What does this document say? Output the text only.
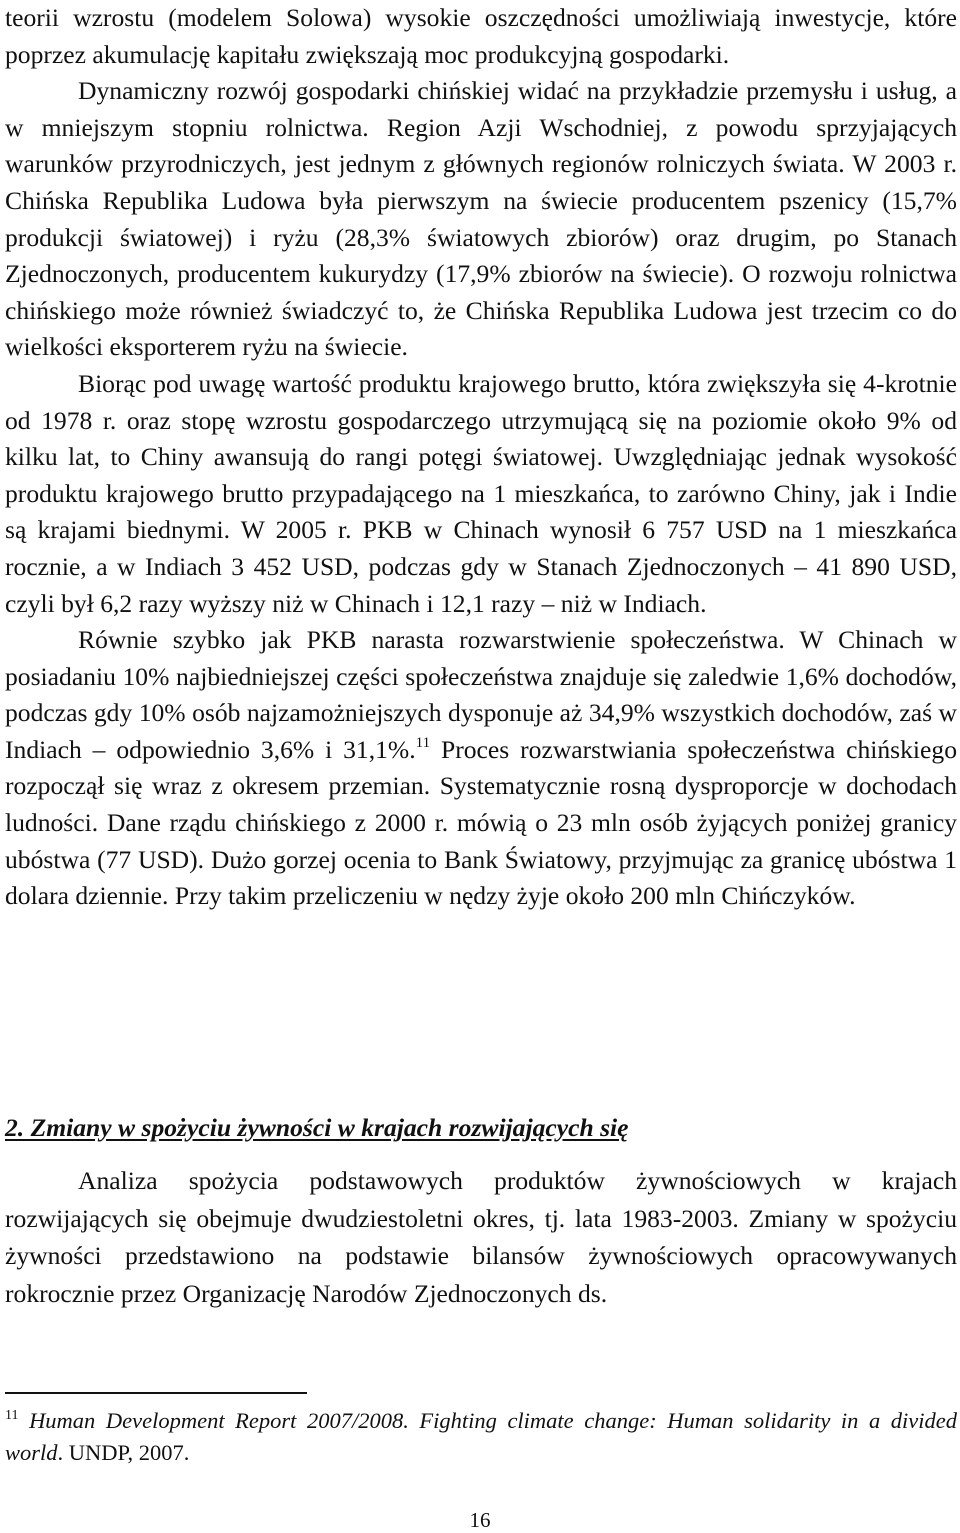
teorii wzrostu (modelem Solowa) wysokie oszczędności umożliwiają inwestycje, które poprzez akumulację kapitału zwiększają moc produkcyjną gospodarki.

Dynamiczny rozwój gospodarki chińskiej widać na przykładzie przemysłu i usług, a w mniejszym stopniu rolnictwa. Region Azji Wschodniej, z powodu sprzyjających warunków przyrodniczych, jest jednym z głównych regionów rolniczych świata. W 2003 r. Chińska Republika Ludowa była pierwszym na świecie producentem pszenicy (15,7% produkcji światowej) i ryżu (28,3% światowych zbiorów) oraz drugim, po Stanach Zjednoczonych, producentem kukurydzy (17,9% zbiorów na świecie). O rozwoju rolnictwa chińskiego może również świadczyć to, że Chińska Republika Ludowa jest trzecim co do wielkości eksporterem ryżu na świecie.

Biorąc pod uwagę wartość produktu krajowego brutto, która zwiększyła się 4-krotnie od 1978 r. oraz stopę wzrostu gospodarczego utrzymującą się na poziomie około 9% od kilku lat, to Chiny awansują do rangi potęgi światowej. Uwzględniając jednak wysokość produktu krajowego brutto przypadającego na 1 mieszkańca, to zarówno Chiny, jak i Indie są krajami biednymi. W 2005 r. PKB w Chinach wynosił 6 757 USD na 1 mieszkańca rocznie, a w Indiach 3 452 USD, podczas gdy w Stanach Zjednoczonych – 41 890 USD, czyli był 6,2 razy wyższy niż w Chinach i 12,1 razy – niż w Indiach.

Równie szybko jak PKB narasta rozwarstwienie społeczeństwa. W Chinach w posiadaniu 10% najbiedniejszej części społeczeństwa znajduje się zaledwie 1,6% dochodów, podczas gdy 10% osób najzamożniejszych dysponuje aż 34,9% wszystkich dochodów, zaś w Indiach – odpowiednio 3,6% i 31,1%.$^{11}$ Proces rozwarstwiania społeczeństwa chińskiego rozpoczął się wraz z okresem przemian. Systematycznie rosną dysproporcje w dochodach ludności. Dane rządu chińskiego z 2000 r. mówią o 23 mln osób żyjących poniżej granicy ubóstwa (77 USD). Dużo gorzej ocenia to Bank Światowy, przyjmując za granicę ubóstwa 1 dolara dziennie. Przy takim przeliczeniu w nędzy żyje około 200 mln Chińczyków.

2. Zmiany w spożyciu żywności w krajach rozwijających się

Analiza spożycia podstawowych produktów żywnościowych w krajach rozwijających się obejmuje dwudziestoletni okres, tj. lata 1983-2003. Zmiany w spożyciu żywności przedstawiono na podstawie bilansów żywnościowych opracowywanych rokrocznie przez Organizację Narodów Zjednoczonych ds.

$^{11}$ Human Development Report 2007/2008. Fighting climate change: Human solidarity in a divided world. UNDP, 2007.
16
